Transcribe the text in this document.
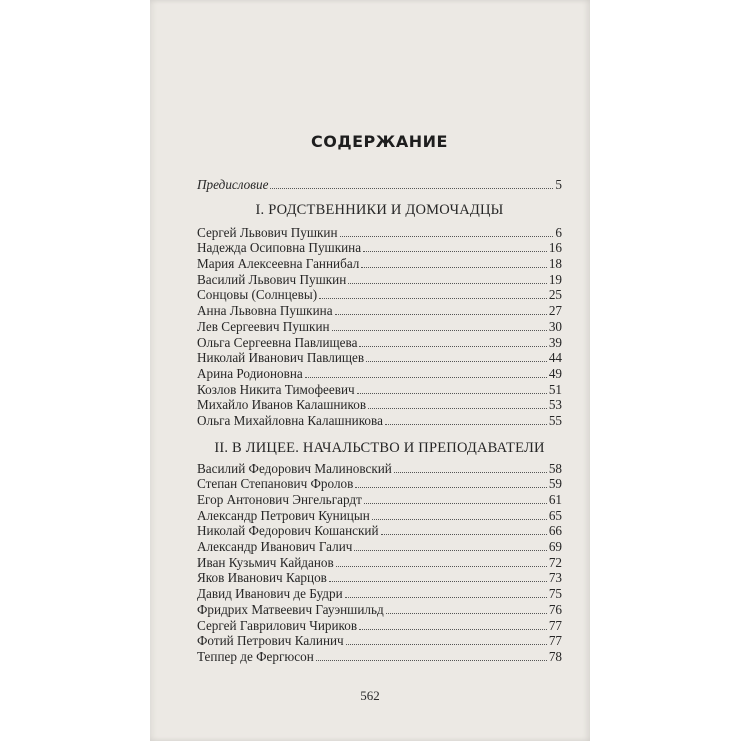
СОДЕРЖАНИЕ
Предисловие	5
I. РОДСТВЕННИКИ И ДОМОЧАДЦЫ
Сергей Львович Пушкин	6
Надежда Осиповна Пушкина	16
Мария Алексеевна Ганнибал	18
Василий Львович Пушкин	19
Сонцовы (Солнцевы)	25
Анна Львовна Пушкина	27
Лев Сергеевич Пушкин	30
Ольга Сергеевна Павлищева	39
Николай Иванович Павлищев	44
Арина Родионовна	49
Козлов Никита Тимофеевич	51
Михайло Иванов Калашников	53
Ольга Михайловна Калашникова	55
II. В ЛИЦЕЕ. НАЧАЛЬСТВО И ПРЕПОДАВАТЕЛИ
Василий Федорович Малиновский	58
Степан Степанович Фролов	59
Егор Антонович Энгельгардт	61
Александр Петрович Куницын	65
Николай Федорович Кошанский	66
Александр Иванович Галич	69
Иван Кузьмич Кайданов	72
Яков Иванович Карцов	73
Давид Иванович де Будри	75
Фридрих Матвеевич Гауэншильд	76
Сергей Гаврилович Чириков	77
Фотий Петрович Калинич	77
Теппер де Фергюсон	78
562
